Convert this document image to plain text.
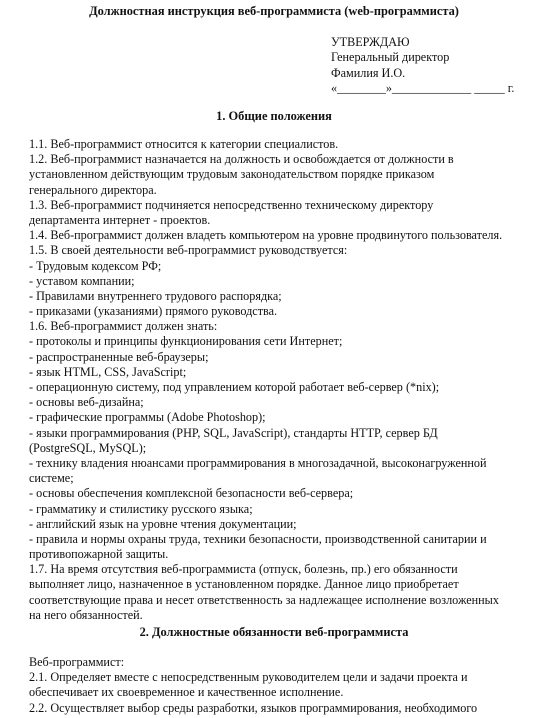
Должностная инструкция веб-программиста (web-программиста)
УТВЕРЖДАЮ
Генеральный директор
Фамилия И.О.
«________»_____________ _____ г.
1. Общие положения
1.1. Веб-программист относится к категории специалистов.
1.2. Веб-программист назначается на должность и освобождается от должности в
установленном действующим трудовым законодательством порядке приказом
генерального директора.
1.3. Веб-программист подчиняется непосредственно техническому директору
департамента интернет - проектов.
1.4. Веб-программист должен владеть компьютером на уровне продвинутого пользователя.
1.5. В своей деятельности веб-программист руководствуется:
- Трудовым кодексом РФ;
- уставом компании;
- Правилами внутреннего трудового распорядка;
- приказами (указаниями) прямого руководства.
1.6. Веб-программист должен знать:
- протоколы и принципы функционирования сети Интернет;
- распространенные веб-браузеры;
- язык HTML, CSS, JavaScript;
- операционную систему, под управлением которой работает веб-сервер (*nix);
- основы веб-дизайна;
- графические программы (Adobe Photoshop);
- языки программирования (PHP, SQL, JavaScript), стандарты HTTP, сервер БД
(PostgreSQL, MySQL);
- технику владения нюансами программирования в многозадачной, высоконагруженной
системе;
- основы обеспечения комплексной безопасности веб-сервера;
- грамматику и стилистику русского языка;
- английский язык на уровне чтения документации;
- правила и нормы охраны труда, техники безопасности, производственной санитарии и
противопожарной защиты.
1.7. На время отсутствия веб-программиста (отпуск, болезнь, пр.) его обязанности
выполняет лицо, назначенное в установленном порядке. Данное лицо приобретает
соответствующие права и несет ответственность за надлежащее исполнение возложенных
на него обязанностей.
2. Должностные обязанности веб-программиста
Веб-программист:
2.1. Определяет вместе с непосредственным руководителем цели и задачи проекта и
обеспечивает их своевременное и качественное исполнение.
2.2. Осуществляет выбор среды разработки, языков программирования, необходимого
